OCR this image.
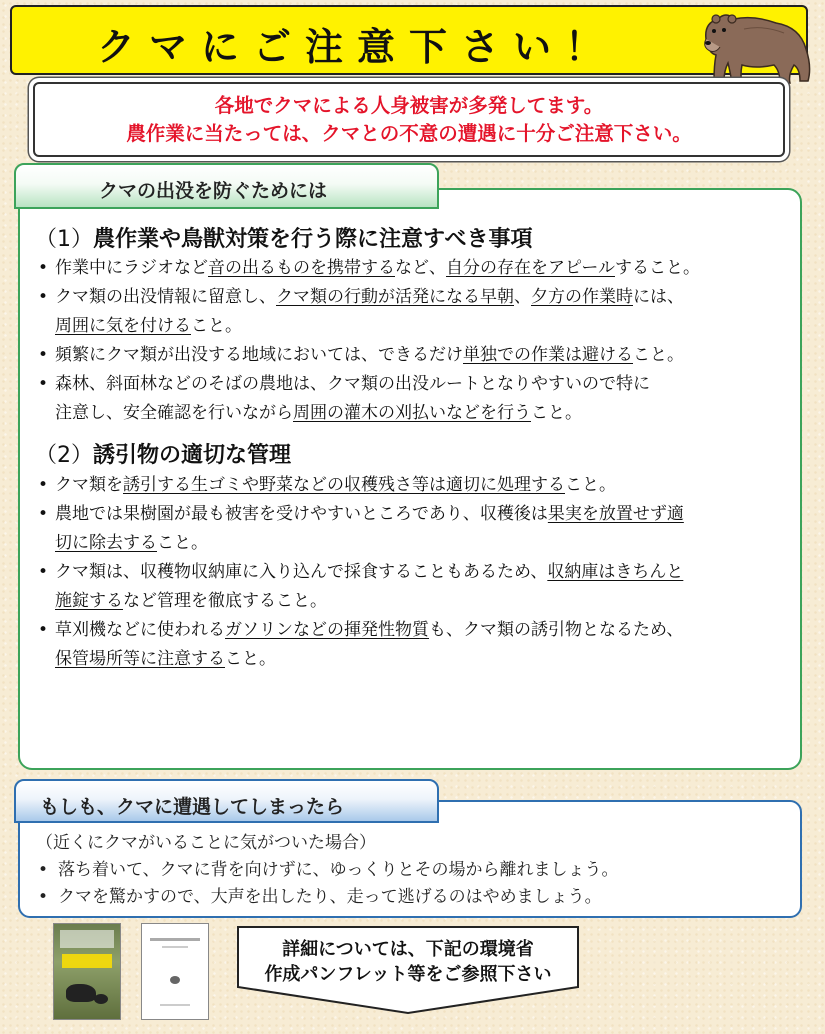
クマにご注意下さい！
各地でクマによる人身被害が多発してます。
農作業に当たっては、クマとの不意の遭遇に十分ご注意下さい。
クマの出没を防ぐためには
（1）農作業や鳥獣対策を行う際に注意すべき事項
• 作業中にラジオなど音の出るものを携帯するなど、自分の存在をアピールすること。
• クマ類の出没情報に留意し、クマ類の行動が活発になる早朝、夕方の作業時には、
周囲に気を付けること。
• 頻繁にクマ類が出没する地域においては、できるだけ単独での作業は避けること。
• 森林、斜面林などのそばの農地は、クマ類の出没ルートとなりやすいので特に
注意し、安全確認を行いながら周囲の灌木の刈払いなどを行うこと。
（2）誘引物の適切な管理
• クマ類を誘引する生ゴミや野菜などの収穫残さ等は適切に処理すること。
• 農地では果樹園が最も被害を受けやすいところであり、収穫後は果実を放置せず適
切に除去すること。
• クマ類は、収穫物収納庫に入り込んで採食することもあるため、収納庫はきちんと
施錠するなど管理を徹底すること。
• 草刈機などに使われるガソリンなどの揮発性物質も、クマ類の誘引物となるため、
保管場所等に注意すること。
（近くにクマがいることに気がついた場合）
• 落ち着いて、クマに背を向けずに、ゆっくりとその場から離れましょう。
• クマを驚かすので、大声を出したり、走って逃げるのはやめましょう。
もしも、クマに遭遇してしまったら
詳細については、下記の環境省
作成パンフレット等をご参照下さい
